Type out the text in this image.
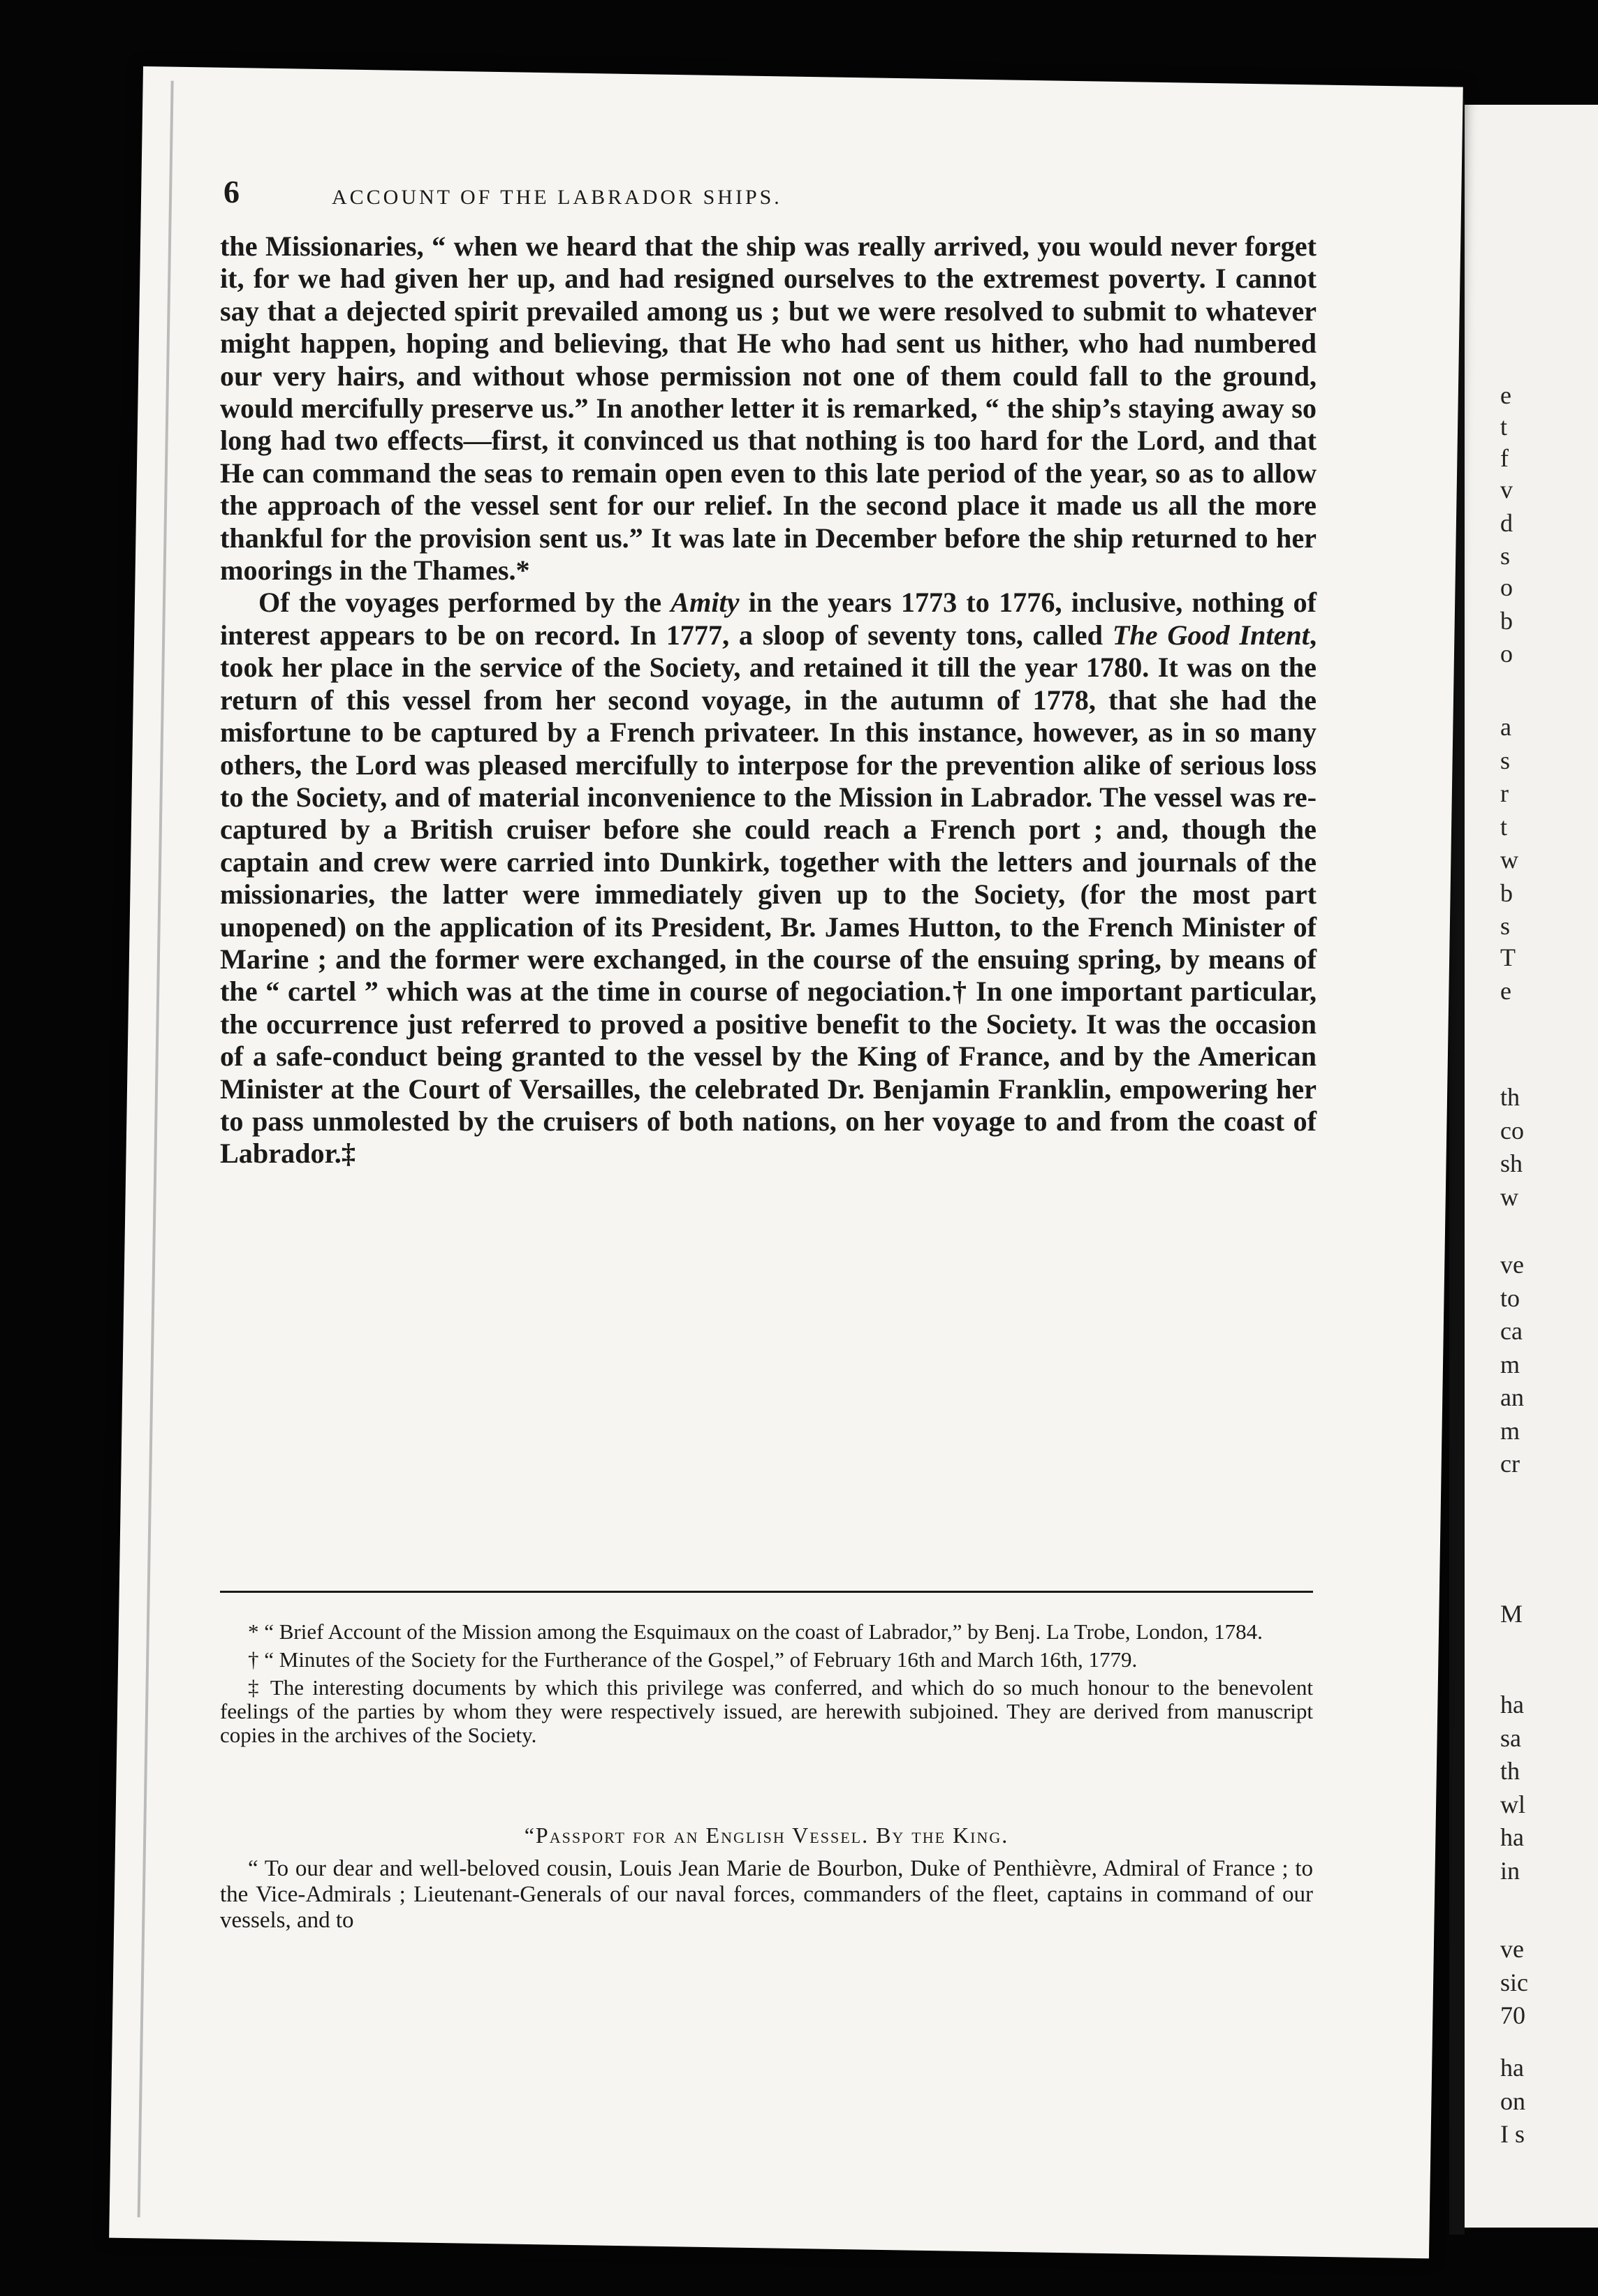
e
t
f
v
d
s
o
b
o
a
s
r
t
w
b
s
T
e
th
co
sh
w
ve
to
ca
m
an
m
cr
M
ha
sa
th
wl
ha
in
ve
sic
70
ha
on
I s
6	ACCOUNT OF THE LABRADOR SHIPS.

the Missionaries, “ when we heard that the ship was really arrived, you would never forget it, for we had given her up, and had resigned ourselves to the extremest poverty. I cannot say that a dejected spirit prevailed among us ; but we were resolved to submit to whatever might happen, hoping and believing, that He who had sent us hither, who had numbered our very hairs, and without whose permission not one of them could fall to the ground, would mercifully preserve us.” In another letter it is remarked, “ the ship’s staying away so long had two effects—first, it convinced us that nothing is too hard for the Lord, and that He can command the seas to remain open even to this late period of the year, so as to allow the approach of the vessel sent for our relief. In the second place it made us all the more thankful for the provision sent us.” It was late in December before the ship returned to her moorings in the Thames.*

Of the voyages performed by the Amity in the years 1773 to 1776, inclusive, nothing of interest appears to be on record. In 1777, a sloop of seventy tons, called The Good Intent, took her place in the service of the Society, and retained it till the year 1780. It was on the return of this vessel from her second voyage, in the autumn of 1778, that she had the misfortune to be captured by a French privateer. In this instance, however, as in so many others, the Lord was pleased mercifully to interpose for the prevention alike of serious loss to the Society, and of material inconvenience to the Mission in Labrador. The vessel was re-captured by a British cruiser before she could reach a French port ; and, though the captain and crew were carried into Dunkirk, together with the letters and journals of the missionaries, the latter were immediately given up to the Society, (for the most part unopened) on the application of its President, Br. James Hutton, to the French Minister of Marine ; and the former were exchanged, in the course of the ensuing spring, by means of the “ cartel ” which was at the time in course of negociation.† In one important particular, the occurrence just referred to proved a positive benefit to the Society. It was the occasion of a safe-conduct being granted to the vessel by the King of France, and by the American Minister at the Court of Versailles, the celebrated Dr. Benjamin Franklin, empowering her to pass unmolested by the cruisers of both nations, on her voyage to and from the coast of Labrador.‡

* “ Brief Account of the Mission among the Esquimaux on the coast of Labrador,” by Benj. La Trobe, London, 1784.

† “ Minutes of the Society for the Furtherance of the Gospel,” of February 16th and March 16th, 1779.

‡ The interesting documents by which this privilege was conferred, and which do so much honour to the benevolent feelings of the parties by whom they were respectively issued, are herewith subjoined. They are derived from manuscript copies in the archives of the Society.

“Passport for an English Vessel. By the King.

“ To our dear and well-beloved cousin, Louis Jean Marie de Bourbon, Duke of Penthièvre, Admiral of France ; to the Vice-Admirals ; Lieutenant-Generals of our naval forces, commanders of the fleet, captains in command of our vessels, and to
